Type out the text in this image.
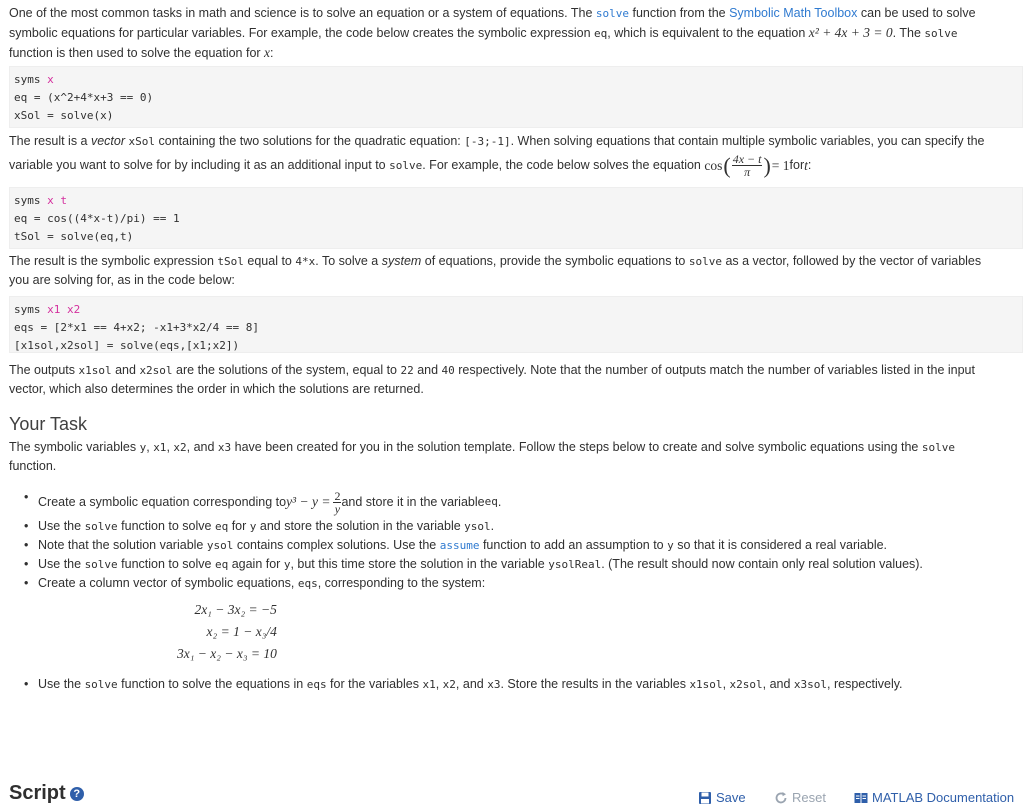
One of the most common tasks in math and science is to solve an equation or a system of equations. The solve function from the Symbolic Math Toolbox can be used to solve
symbolic equations for particular variables. For example, the code below creates the symbolic expression eq, which is equivalent to the equation x² + 4x + 3 = 0. The solve
function is then used to solve the equation for x:

syms x
eq = (x^2+4*x+3 == 0)
xSol = solve(x)

The result is a vector xSol containing the two solutions for the quadratic equation: [-3;-1]. When solving equations that contain multiple symbolic variables, you can specify the

variable you want to solve for by including it as an additional input to
solve . For example, the code below solves the equation
cos ( $\frac{4x - t}{\pi}$ ) = 1 for t :
syms x t
eq = cos((4*x-t)/pi) == 1
tSol = solve(eq,t)

The result is the symbolic expression tSol equal to 4*x. To solve a system of equations, provide the symbolic equations to solve as a vector, followed by the vector of variables
you are solving for, as in the code below:

syms x1 x2
eqs = [2*x1 == 4+x2; -x1+3*x2/4 == 8]
[x1sol,x2sol] = solve(eqs,[x1;x2])

The outputs x1sol and x2sol are the solutions of the system, equal to 22 and 40 respectively. Note that the number of outputs match the number of variables listed in the input
vector, which also determines the order in which the solutions are returned.

Your Task

The symbolic variables y, x1, x2, and x3 have been created for you in the solution template. Follow the steps below to create and solve symbolic equations using the solve
function.

• Create a symbolic equation corresponding to $y^3 - y = \frac{2}{y}$ and store it in the variable eq .
• Use the solve function to solve eq for y and store the solution in the variable ysol.
• Note that the solution variable ysol contains complex solutions. Use the assume function to add an assumption to y so that it is considered a real variable.
• Use the solve function to solve eq again for y, but this time store the solution in the variable ysolReal. (The result should now contain only real solution values).
• Create a column vector of symbolic equations, eqs, corresponding to the system:
2x₁ − 3x₂ = −5
x₂ = 1 − x₃/4
3x₁ − x₂ − x₃ = 10
• Use the solve function to solve the equations in eqs for the variables x1, x2, and x3. Store the results in the variables x1sol, x2sol, and x3sol, respectively.
Script ?	Save	Reset	MATLAB Documentation
